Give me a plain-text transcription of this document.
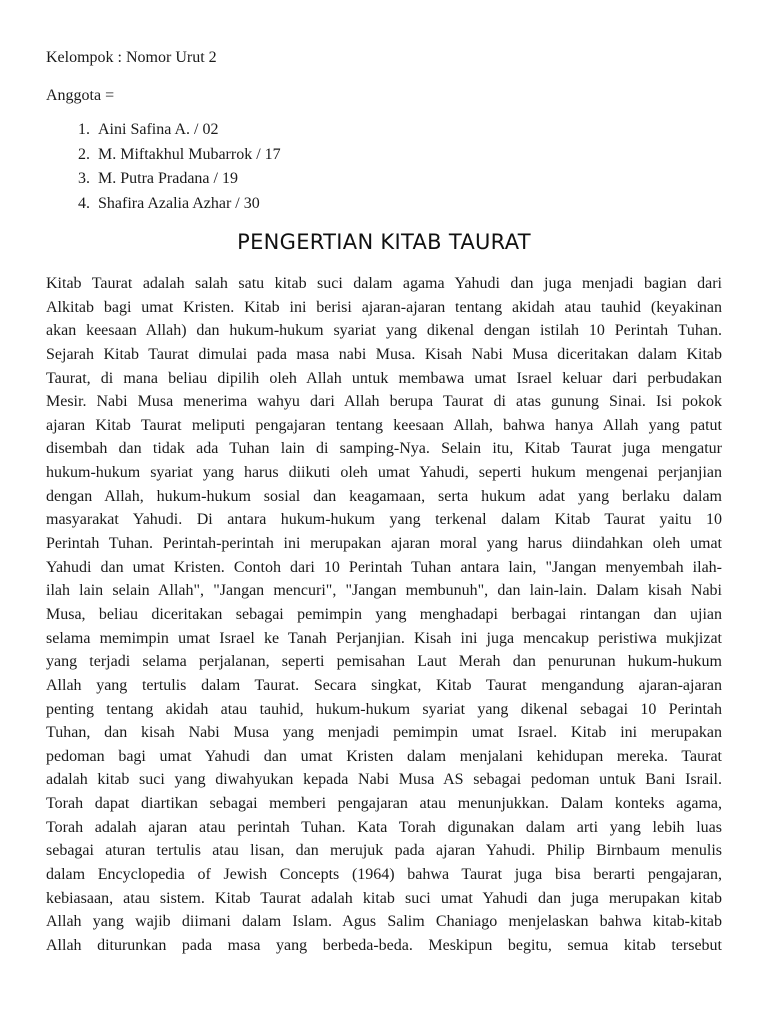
Kelompok : Nomor Urut 2

Anggota =

1. Aini Safina A. / 02
2. M. Miftakhul Mubarrok / 17
3. M. Putra Pradana / 19
4. Shafira Azalia Azhar / 30
PENGERTIAN KITAB TAURAT
Kitab Taurat adalah salah satu kitab suci dalam agama Yahudi dan juga menjadi bagian dari
Alkitab bagi umat Kristen. Kitab ini berisi ajaran-ajaran tentang akidah atau tauhid (keyakinan
akan keesaan Allah) dan hukum-hukum syariat yang dikenal dengan istilah 10 Perintah Tuhan.
Sejarah Kitab Taurat dimulai pada masa nabi Musa. Kisah Nabi Musa diceritakan dalam Kitab
Taurat, di mana beliau dipilih oleh Allah untuk membawa umat Israel keluar dari perbudakan
Mesir. Nabi Musa menerima wahyu dari Allah berupa Taurat di atas gunung Sinai. Isi pokok
ajaran Kitab Taurat meliputi pengajaran tentang keesaan Allah, bahwa hanya Allah yang patut
disembah dan tidak ada Tuhan lain di samping-Nya. Selain itu, Kitab Taurat juga mengatur
hukum-hukum syariat yang harus diikuti oleh umat Yahudi, seperti hukum mengenai perjanjian
dengan Allah, hukum-hukum sosial dan keagamaan, serta hukum adat yang berlaku dalam
masyarakat Yahudi. Di antara hukum-hukum yang terkenal dalam Kitab Taurat yaitu 10
Perintah Tuhan. Perintah-perintah ini merupakan ajaran moral yang harus diindahkan oleh umat
Yahudi dan umat Kristen. Contoh dari 10 Perintah Tuhan antara lain, "Jangan menyembah ilah-
ilah lain selain Allah", "Jangan mencuri", "Jangan membunuh", dan lain-lain. Dalam kisah Nabi
Musa, beliau diceritakan sebagai pemimpin yang menghadapi berbagai rintangan dan ujian
selama memimpin umat Israel ke Tanah Perjanjian. Kisah ini juga mencakup peristiwa mukjizat
yang terjadi selama perjalanan, seperti pemisahan Laut Merah dan penurunan hukum-hukum
Allah yang tertulis dalam Taurat. Secara singkat, Kitab Taurat mengandung ajaran-ajaran
penting tentang akidah atau tauhid, hukum-hukum syariat yang dikenal sebagai 10 Perintah
Tuhan, dan kisah Nabi Musa yang menjadi pemimpin umat Israel. Kitab ini merupakan
pedoman bagi umat Yahudi dan umat Kristen dalam menjalani kehidupan mereka. Taurat
adalah kitab suci yang diwahyukan kepada Nabi Musa AS sebagai pedoman untuk Bani Israil.
Torah dapat diartikan sebagai memberi pengajaran atau menunjukkan. Dalam konteks agama,
Torah adalah ajaran atau perintah Tuhan. Kata Torah digunakan dalam arti yang lebih luas
sebagai aturan tertulis atau lisan, dan merujuk pada ajaran Yahudi. Philip Birnbaum menulis
dalam Encyclopedia of Jewish Concepts (1964) bahwa Taurat juga bisa berarti pengajaran,
kebiasaan, atau sistem. Kitab Taurat adalah kitab suci umat Yahudi dan juga merupakan kitab
Allah yang wajib diimani dalam Islam. Agus Salim Chaniago menjelaskan bahwa kitab-kitab
Allah diturunkan pada masa yang berbeda-beda. Meskipun begitu, semua kitab tersebut
